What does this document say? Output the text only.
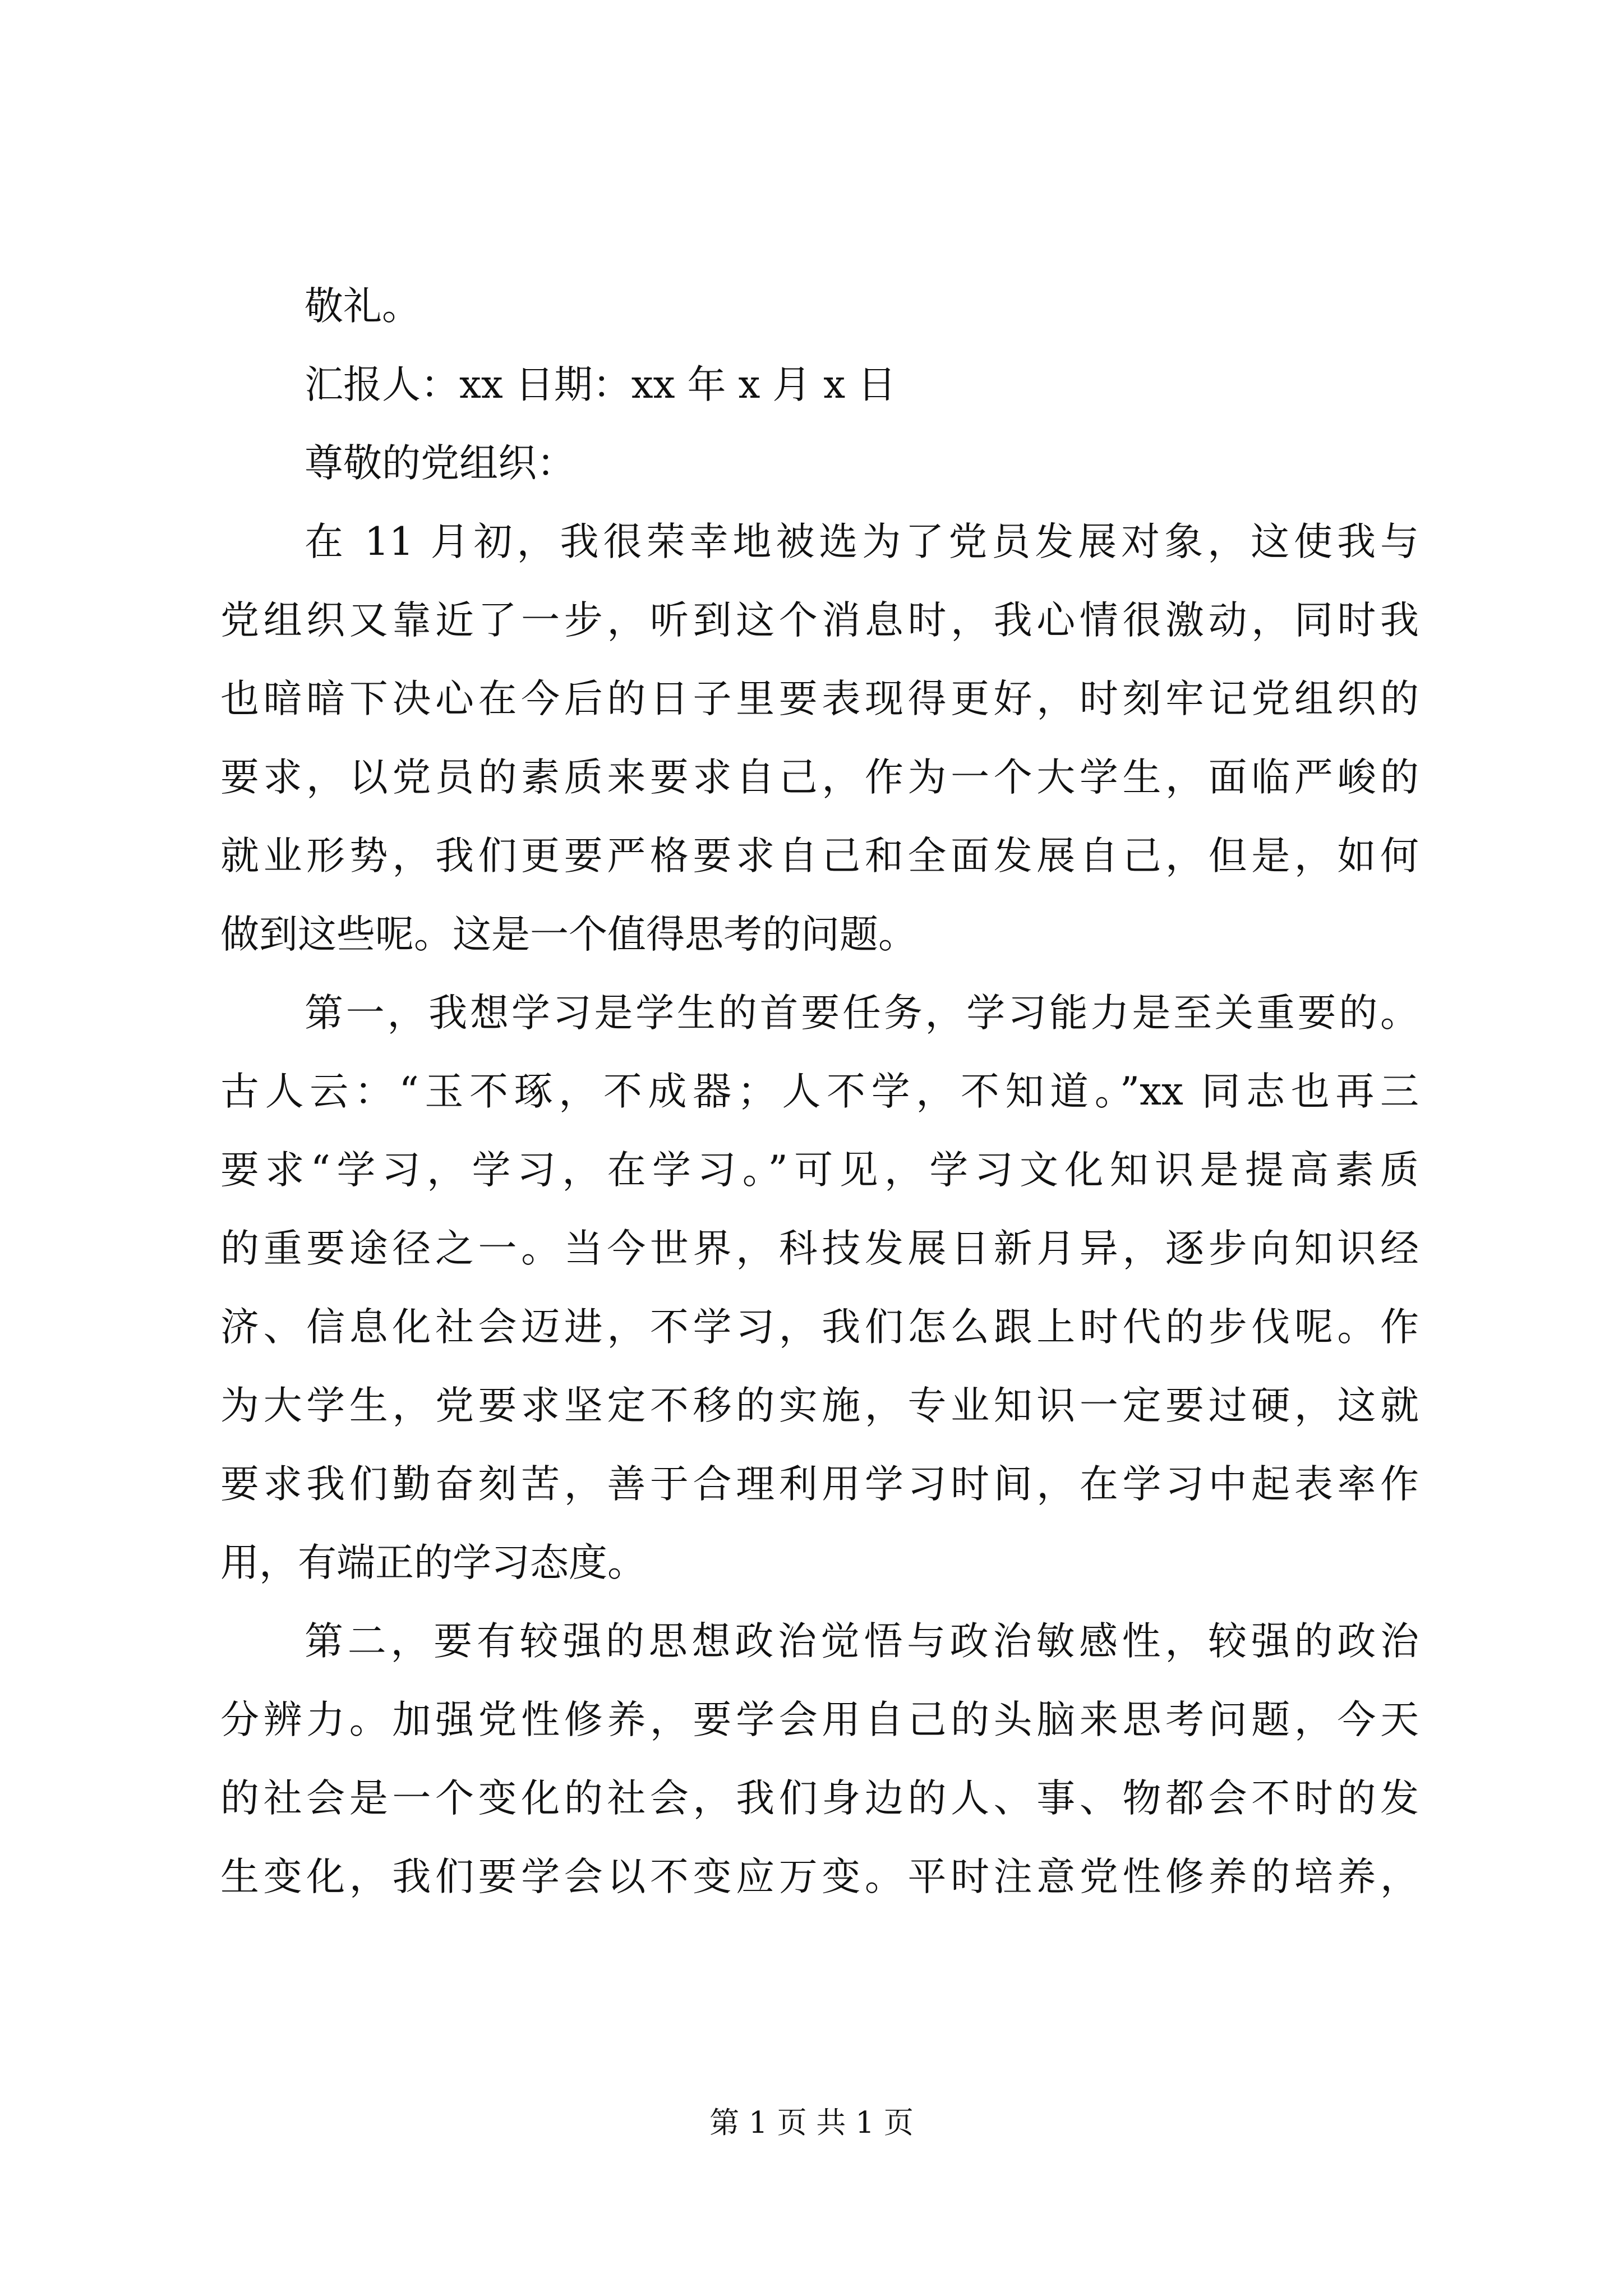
敬礼。
汇报人：xx 日期：xx 年 x 月 x 日
尊敬的党组织：
在 11 月初，我很荣幸地被选为了党员发展对象，这使我与
党组织又靠近了一步，听到这个消息时，我心情很激动，同时我
也暗暗下决心在今后的日子里要表现得更好，时刻牢记党组织的
要求，以党员的素质来要求自己，作为一个大学生，面临严峻的
就业形势，我们更要严格要求自己和全面发展自己，但是，如何
做到这些呢。这是一个值得思考的问题。
第一，我想学习是学生的首要任务，学习能力是至关重要的。
古人云：“玉不琢，不成器；人不学，不知道。”xx 同志也再三
要求“学习，学习，在学习。”可见，学习文化知识是提高素质
的重要途径之一。当今世界，科技发展日新月异，逐步向知识经
济、信息化社会迈进，不学习，我们怎么跟上时代的步伐呢。作
为大学生，党要求坚定不移的实施，专业知识一定要过硬，这就
要求我们勤奋刻苦，善于合理利用学习时间，在学习中起表率作
用，有端正的学习态度。
第二，要有较强的思想政治觉悟与政治敏感性，较强的政治
分辨力。加强党性修养，要学会用自己的头脑来思考问题，今天
的社会是一个变化的社会，我们身边的人、事、物都会不时的发
生变化，我们要学会以不变应万变。平时注意党性修养的培养，
第 1 页 共 1 页
